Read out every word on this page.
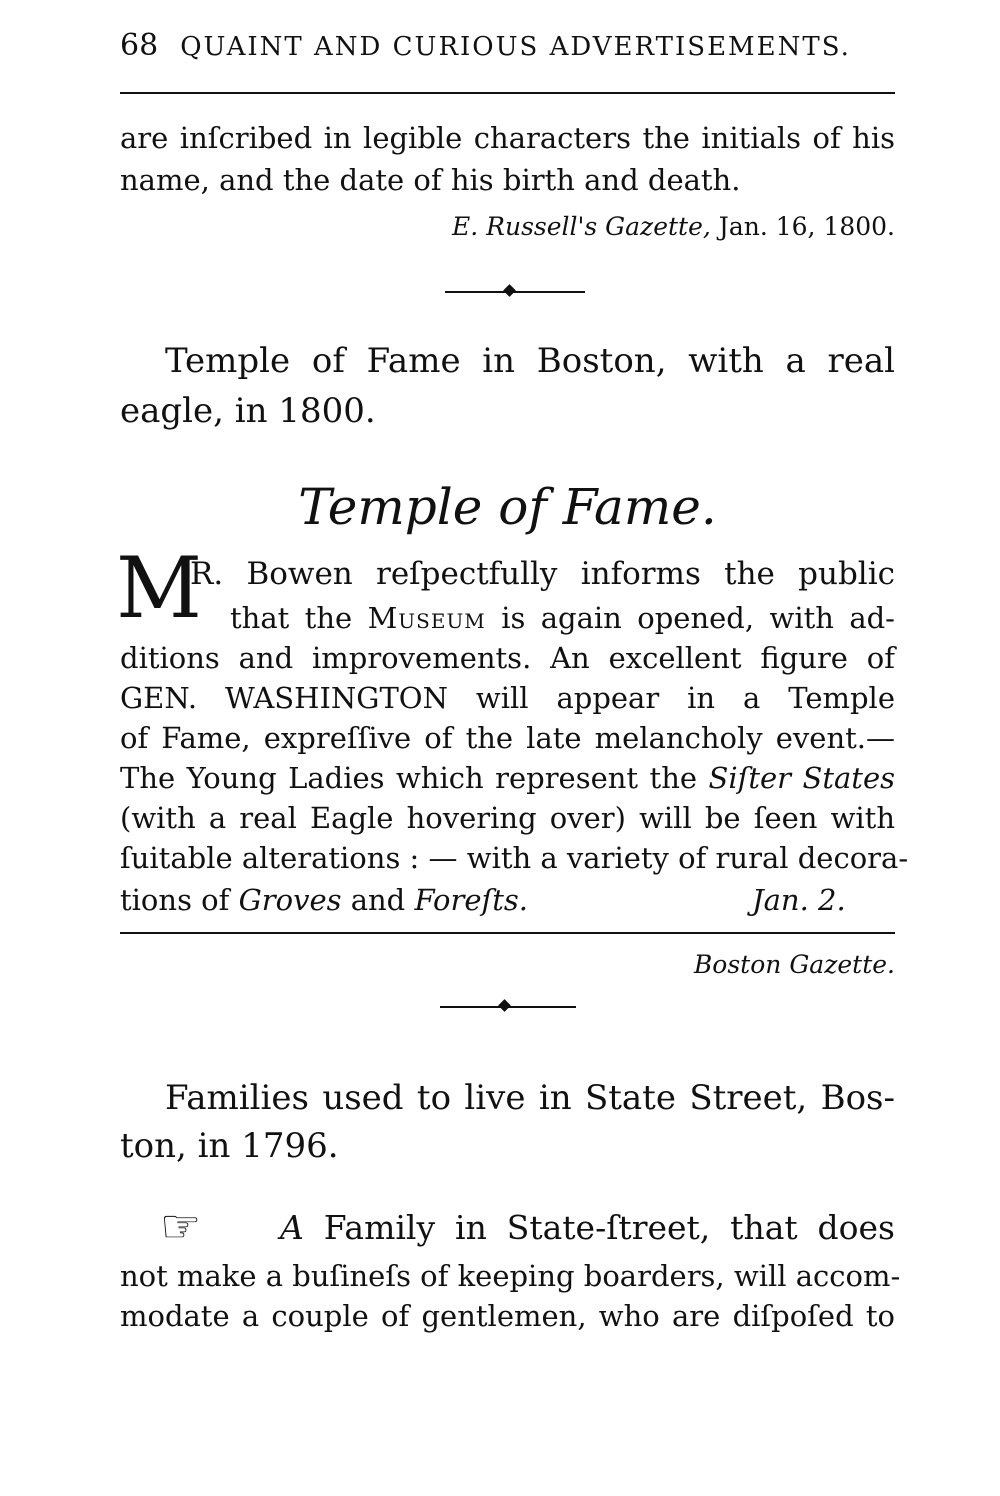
68 QUAINT AND CURIOUS ADVERTISEMENTS.
are inſcribed in legible characters the initials of his
name, and the date of his birth and death.
E. Russell's Gazette, Jan. 16, 1800.
Temple of Fame in Boston, with a real
eagle, in 1800.
Temple of Fame.
M
R. Bowen reſpectfully informs the public
that the Museum is again opened, with ad-
ditions and improvements. An excellent figure of
GEN. WASHINGTON will appear in a Temple
of Fame, expreſſive of the late melancholy event.—
The Young Ladies which represent the Siſter States
(with a real Eagle hovering over) will be ſeen with
ſuitable alterations : — with a variety of rural decora-
tions of Groves and Foreſts.	Jan. 2.
Boston Gazette.
Families used to live in State Street, Bos-
ton, in 1796.
☞ A Family in State-ſtreet, that does
not make a buſineſs of keeping boarders, will accom-
modate a couple of gentlemen, who are diſpoſed to
